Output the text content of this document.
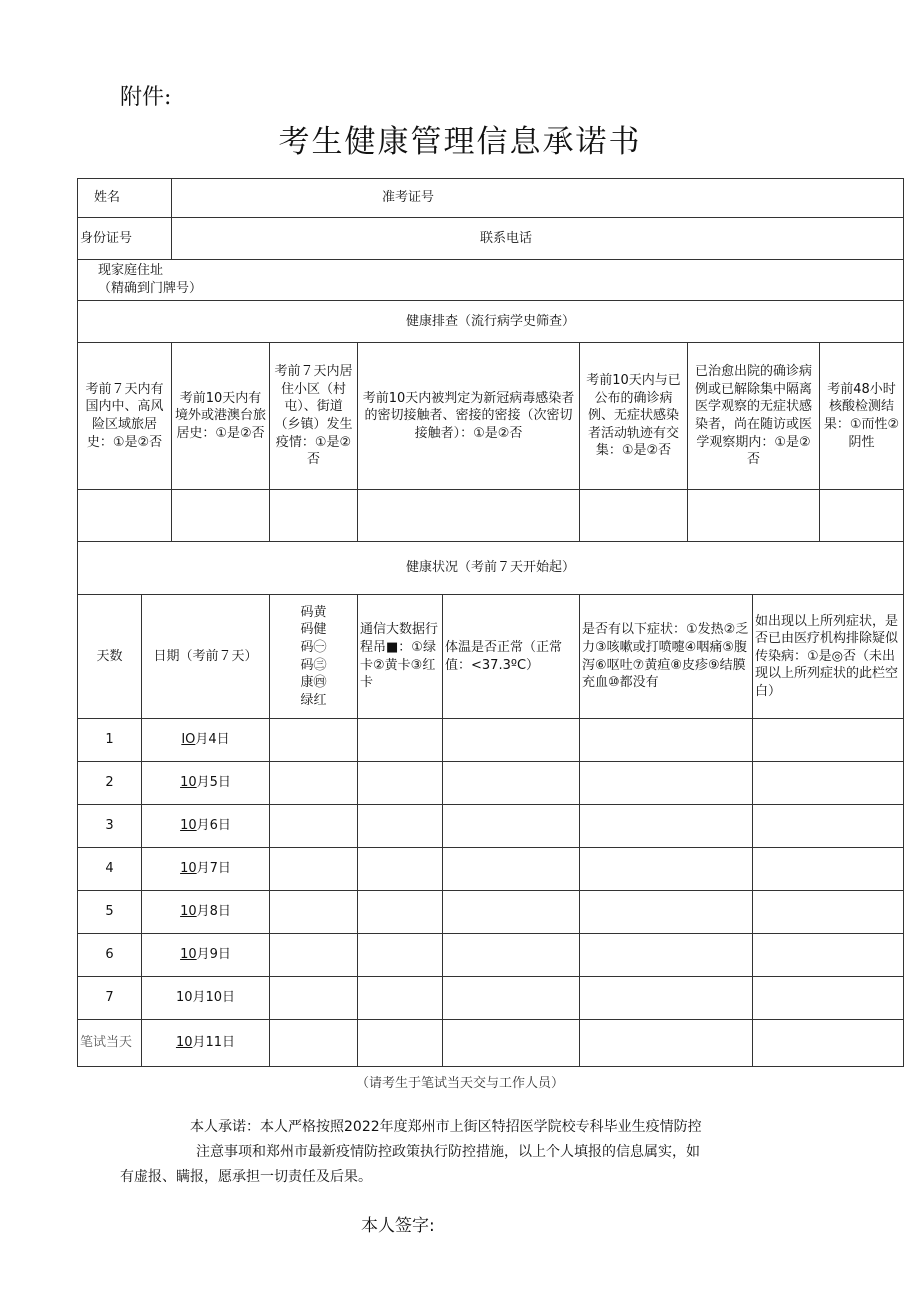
附件:
考生健康管理信息承诺书
姓名		准考证号							
身份证号		联系电话							

现家庭住址
（精确到门牌号）									

健康排查（流行病学史筛查）									
考前７天内有国内中、高风险区域旅居史：①是②否		考前10天内有境外或港澳台旅居史：①是②否	考前７天内居住小区（村屯）、街道（乡镇）发生疫情：①是②否	考前10天内被判定为新冠病毒感染者的密切接触者、密接的密接（次密切接触者）：①是②否		考前10天内与已公布的确诊病例、无症状感染者活动轨迹有交集：①是②否	已治愈出院的确诊病例或已解除集中隔离医学观察的无症状感染者，尚在随访或医学观察期内：①是②否		考前48小时核酸检测结果：①而性②阴性

健康状况（考前７天开始起）									
天数	日期（考前７天）		码黄码健码㊀码㊂康㊃绿红	通信大数据行程吊■：①绿卡②黄卡③红卡	体温是否正常（正常值：<37.3ºC）	是否有以下症状：①发热②乏力③咳嗽或打喷嚏④咽痛⑤腹泻⑥呕吐⑦黄疸⑧皮疹⑨结膜充血⑩都没有		如出现以上所列症状，是否已由医疗机构排除疑似传染病：①是◎否（未出现以上所列症状的此栏空白）	
1	IO月4日								
2	10月5日								
3	10月6日								
4	10月7日								
5	10月8日								
6	10月9日								
7	10月10日								
笔试当天	10月11日								
（请考生于笔试当天交与工作人员）
本人承诺：本人严格按照2022年度郑州市上街区特招医学院校专科毕业生疫情防控
注意事项和郑州市最新疫情防控政策执行防控措施，以上个人填报的信息属实，如
有虚报、瞒报，愿承担一切责任及后果。
本人签字:
